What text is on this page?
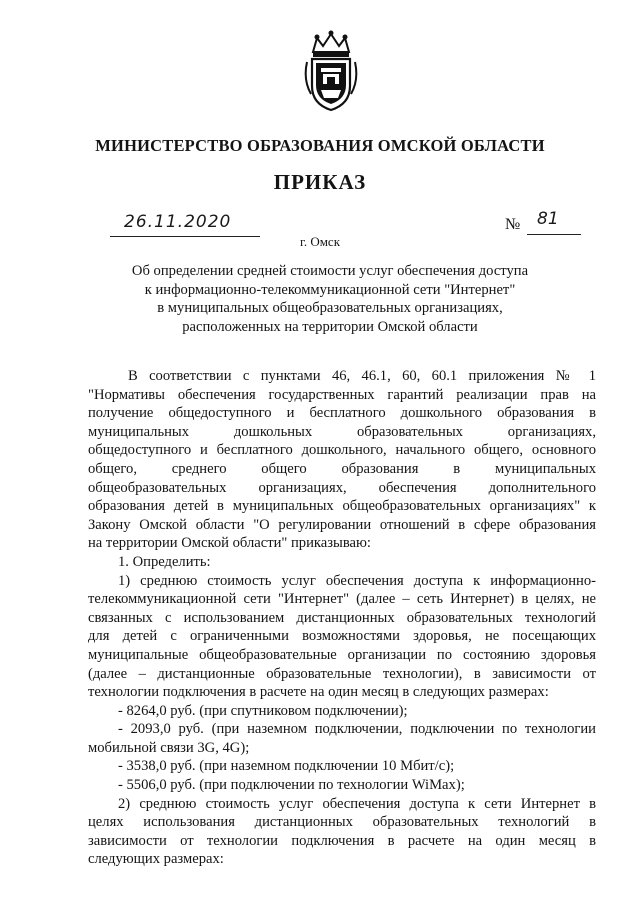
МИНИСТЕРСТВО ОБРАЗОВАНИЯ ОМСКОЙ ОБЛАСТИ
ПРИКАЗ
26.11.2020	№ 81
г. Омск
Об определении средней стоимости услуг обеспечения доступа
к информационно-телекоммуникационной сети "Интернет"
в муниципальных общеобразовательных организациях,
расположенных на территории Омской области
В соответствии с пунктами 46, 46.1, 60, 60.1 приложения № 1
"Нормативы обеспечения государственных гарантий реализации прав на
получение общедоступного и бесплатного дошкольного образования в
муниципальных дошкольных образовательных организациях,
общедоступного и бесплатного дошкольного, начального общего, основного
общего, среднего общего образования в муниципальных
общеобразовательных организациях, обеспечения дополнительного
образования детей в муниципальных общеобразовательных организациях" к
Закону Омской области "О регулировании отношений в сфере образования
на территории Омской области" приказываю:
1. Определить:
1) среднюю стоимость услуг обеспечения доступа к информационно-
телекоммуникационной сети "Интернет" (далее – сеть Интернет) в целях, не
связанных с использованием дистанционных образовательных технологий
для детей с ограниченными возможностями здоровья, не посещающих
муниципальные общеобразовательные организации по состоянию здоровья
(далее – дистанционные образовательные технологии), в зависимости от
технологии подключения в расчете на один месяц в следующих размерах:
- 8264,0 руб. (при спутниковом подключении);
- 2093,0 руб. (при наземном подключении, подключении по технологии
мобильной связи 3G, 4G);
- 3538,0 руб. (при наземном подключении 10 Мбит/с);
- 5506,0 руб. (при подключении по технологии WiMax);
2) среднюю стоимость услуг обеспечения доступа к сети Интернет в
целях использования дистанционных образовательных технологий в
зависимости от технологии подключения в расчете на один месяц в
следующих размерах:
